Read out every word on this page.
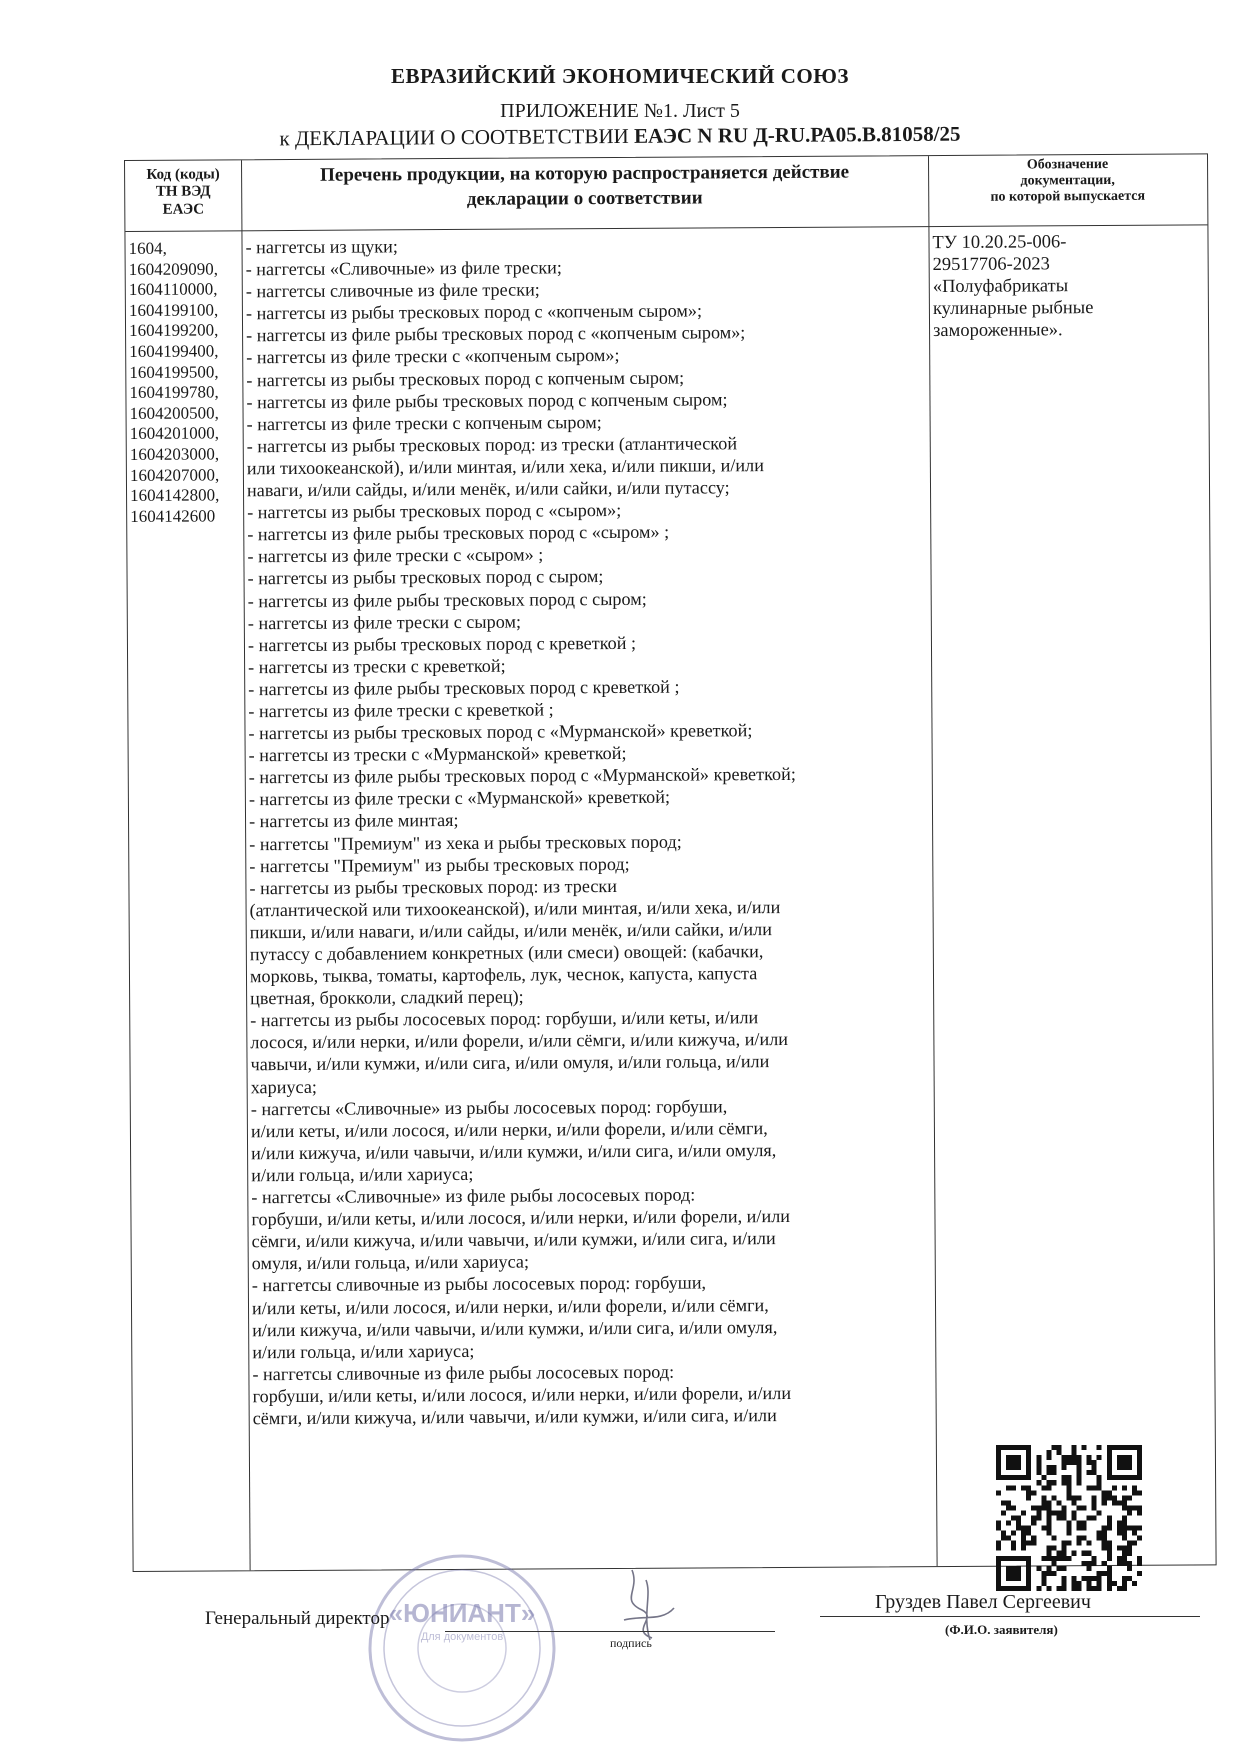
ЕВРАЗИЙСКИЙ ЭКОНОМИЧЕСКИЙ СОЮЗ
ПРИЛОЖЕНИЕ №1. Лист 5
к ДЕКЛАРАЦИИ О СООТВЕТСТВИИ ЕАЭС N RU Д-RU.РА05.В.81058/25
Код (коды)
ТН ВЭД
ЕАЭС
Перечень продукции, на которую распространяется действие
декларации о соответствии
Обозначение
документации,
по которой выпускается
1604,
1604209090,
1604110000,
1604199100,
1604199200,
1604199400,
1604199500,
1604199780,
1604200500,
1604201000,
1604203000,
1604207000,
1604142800,
1604142600
- наггетсы из щуки;
- наггетсы «Сливочные» из филе трески;
- наггетсы сливочные из филе трески;
- наггетсы из рыбы тресковых пород с «копченым сыром»;
- наггетсы из филе рыбы тресковых пород с «копченым сыром»;
- наггетсы из филе трески с «копченым сыром»;
- наггетсы из рыбы тресковых пород с копченым сыром;
- наггетсы из филе рыбы тресковых пород с копченым сыром;
- наггетсы из филе трески с копченым сыром;
- наггетсы из рыбы тресковых пород: из трески (атлантической
или тихоокеанской), и/или минтая, и/или хека, и/или пикши, и/или
наваги, и/или сайды, и/или менёк, и/или сайки, и/или путассу;
- наггетсы из рыбы тресковых пород с «сыром»;
- наггетсы из филе рыбы тресковых пород с «сыром» ;
- наггетсы из филе трески с «сыром» ;
- наггетсы из рыбы тресковых пород с сыром;
- наггетсы из филе рыбы тресковых пород с сыром;
- наггетсы из филе трески с сыром;
- наггетсы из рыбы тресковых пород с креветкой ;
- наггетсы из трески с креветкой;
- наггетсы из филе рыбы тресковых пород с креветкой ;
- наггетсы из филе трески с креветкой ;
- наггетсы из рыбы тресковых пород с «Мурманской» креветкой;
- наггетсы из трески с «Мурманской» креветкой;
- наггетсы из филе рыбы тресковых пород с «Мурманской» креветкой;
- наггетсы из филе трески с «Мурманской» креветкой;
- наггетсы из филе минтая;
- наггетсы "Премиум" из хека и рыбы тресковых пород;
- наггетсы "Премиум" из рыбы тресковых пород;
- наггетсы из рыбы тресковых пород: из трески
(атлантической или тихоокеанской), и/или минтая, и/или хека, и/или
пикши, и/или наваги, и/или сайды, и/или менёк, и/или сайки, и/или
путассу с добавлением конкретных (или смеси) овощей: (кабачки,
морковь, тыква, томаты, картофель, лук, чеснок, капуста, капуста
цветная, брокколи, сладкий перец);
- наггетсы из рыбы лососевых пород: горбуши, и/или кеты, и/или
лосося, и/или нерки, и/или форели, и/или сёмги, и/или кижуча, и/или
чавычи, и/или кумжи, и/или сига, и/или омуля, и/или гольца, и/или
хариуса;
- наггетсы «Сливочные» из рыбы лососевых пород: горбуши,
и/или кеты, и/или лосося, и/или нерки, и/или форели, и/или сёмги,
и/или кижуча, и/или чавычи, и/или кумжи, и/или сига, и/или омуля,
и/или гольца, и/или хариуса;
- наггетсы «Сливочные» из филе рыбы лососевых пород:
горбуши, и/или кеты, и/или лосося, и/или нерки, и/или форели, и/или
сёмги, и/или кижуча, и/или чавычи, и/или кумжи, и/или сига, и/или
омуля, и/или гольца, и/или хариуса;
- наггетсы сливочные из рыбы лососевых пород: горбуши,
и/или кеты, и/или лосося, и/или нерки, и/или форели, и/или сёмги,
и/или кижуча, и/или чавычи, и/или кумжи, и/или сига, и/или омуля,
и/или гольца, и/или хариуса;
- наггетсы сливочные из филе рыбы лососевых пород:
горбуши, и/или кеты, и/или лосося, и/или нерки, и/или форели, и/или
сёмги, и/или кижуча, и/или чавычи, и/или кумжи, и/или сига, и/или
ТУ 10.20.25-006-
29517706-2023
«Полуфабрикаты
кулинарные рыбные
замороженные».
«ЮНИАНТ»
Для документов
Генеральный директор
подпись
Груздев Павел Сергеевич
(Ф.И.О. заявителя)
